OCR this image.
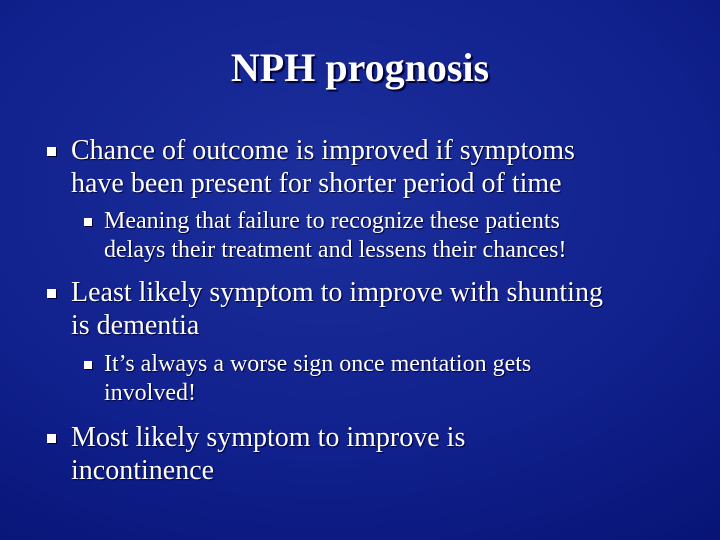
NPH prognosis
Chance of outcome is improved if symptoms
have been present for shorter period of time
Meaning that failure to recognize these patients
delays their treatment and lessens their chances!
Least likely symptom to improve with shunting
is dementia
It’s always a worse sign once mentation gets
involved!
Most likely symptom to improve is
incontinence
